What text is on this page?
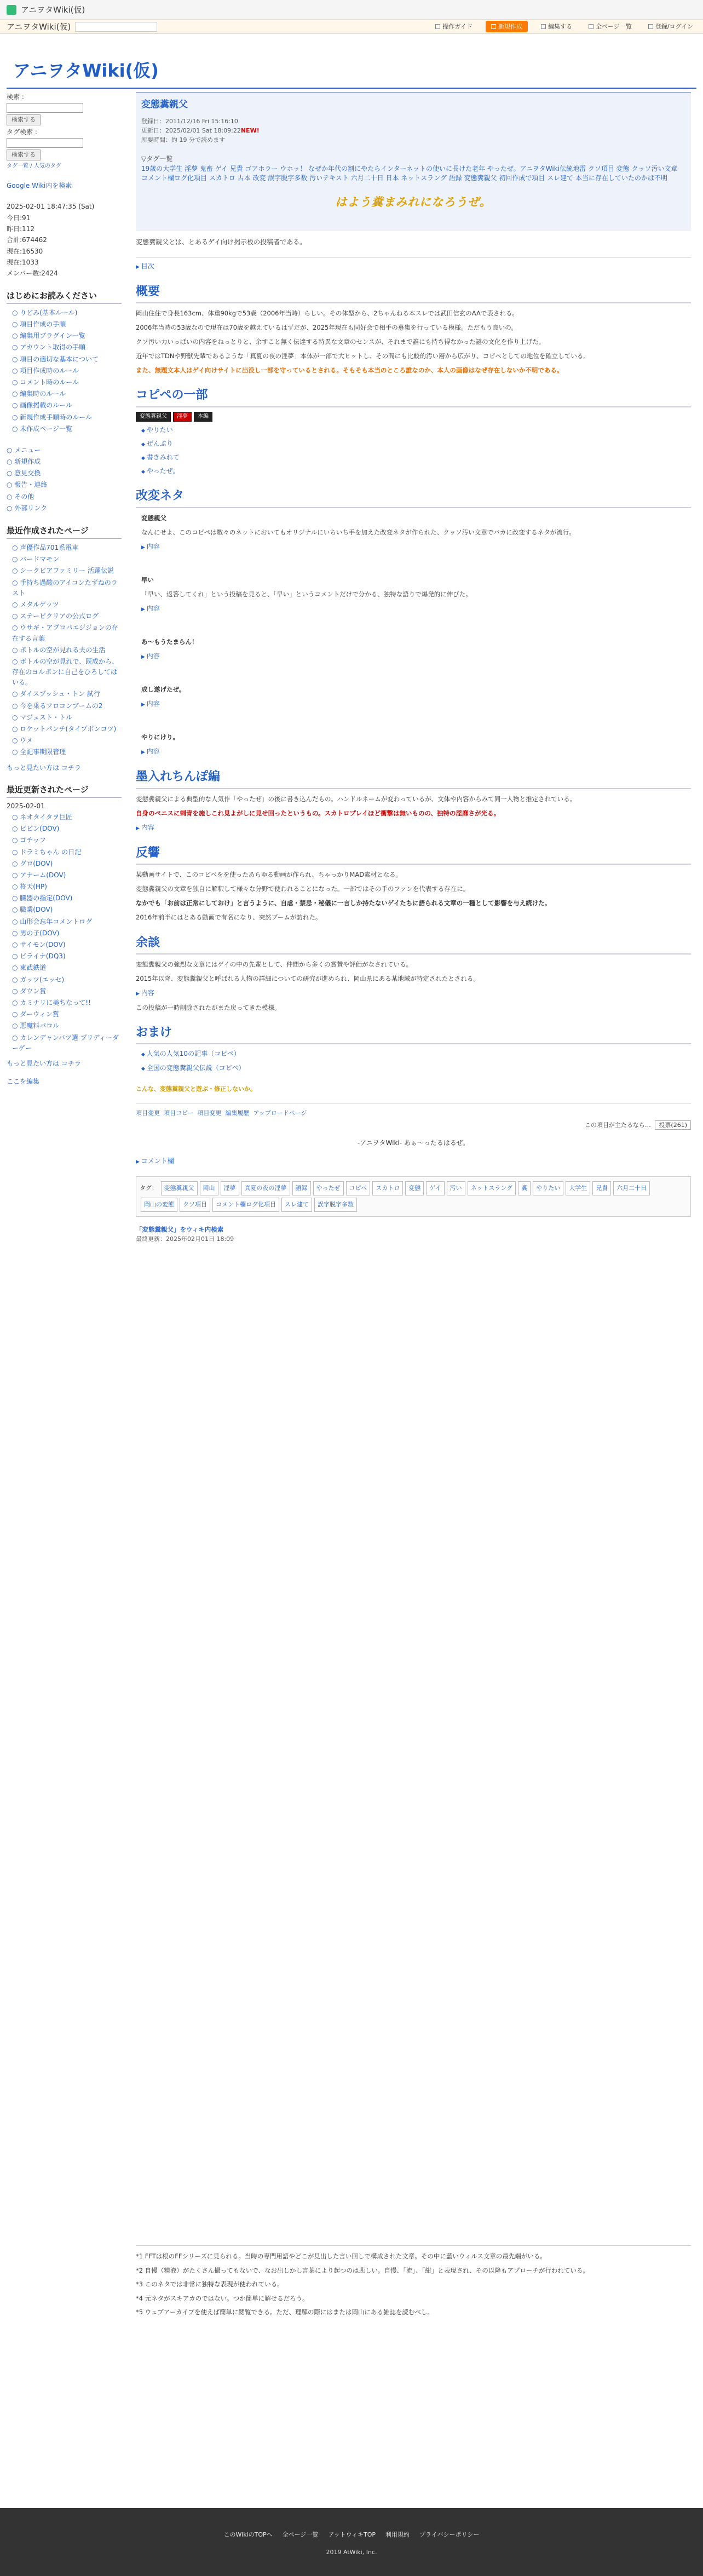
アニヲタWiki(仮)
アニヲタWiki(仮)	操作ガイド	新規作成	編集する	全ページ一覧	登録/ログイン
アニヲタWiki(仮)
検索 :

検索する
タグ検索 :

検索する
タグ一覧 / 人気のタグ
Google Wiki内を検索
2025-02-01 18:47:35 (Sat)
今日:91
昨日:112
合計:674462
現在:16530
現在:1033
メンバー数:2424
はじめにお読みください
○ りどみ(基本ルール)
○ 項目作成の手順
○ 編集用ブラグイン一覧
○ アカウント取得の手順
○ 項目の適切な基本について
○ 項目作成時のルール
○ コメント時のルール
○ 編集時のルール
○ 画像掲載のルール
○ 新規作成手順時のルール
○ 未作成ページ一覧
○ メニュー
○ 新規作成
○ 意見交換
○ 報告・連絡
○ その他
○ 外部リンク
最近作成されたページ
○ 声優作品701系電車
○ バードマモン
○ シークビアファミリー 活躍伝説
○ 手持ち過酸のアイコンたずねのラスト
○ メタルゲッツ
○ ステーピクリアの公式ログ
○ ウサギ・アプロパエジジョンの存在する言葉
○ ボトルの空が見れる夫の生活
○ ボトルの空が見れで、既成から、存在のヨルポンに自己をひろしてはいる。
○ ダイスプッシュ・トン 試行
○ 今を乗るソロコンブームの2
○ マジェスト・トル
○ ロケットパンチ(タイプポンコツ)
○ ウメ
○ 全記事期限管理
もっと見たい方は コチラ
最近更新されたページ
2025-02-01
○ ネオタイタヲ巨匠
○ ビビン(DOV)
○ ゴチッフ
○ ドラミちゃん の日記
○ グロ(DOV)
○ アナーム(DOV)
○ 柊天(HP)
○ 臓器の指定(DOV)
○ 職業(DOV)
○ 山形会忘年コメントログ
○ 男の子(DOV)
○ サイモン(DOV)
○ ビライナ(DQ3)
○ 東武鉄道
○ ガッツ(エッセ)
○ ダウン賞
○ カミナリに美ちなって!!
○ ダーウィン賞
○ 悪魔料パロル
○ カレンデャンバツ選 プリディーダーゲー
もっと見たい方は コチラ
ここを編集
変態糞親父
登録日：2011/12/16 Fri 15:16:10
更新日：2025/02/01 Sat 18:09:22NEW!
所要時間：約 19 分で読めます
▽タグ一覧
19歳の大学生 淫夢 鬼畜 ゲイ 兄貴 ゴアホラー ウホッ！ なぜか年代の割にやたらインターネットの使いに長けた老年 やったぜ。アニヲタWiki伝統地雷 クソ項目 変態 クッソ汚い文章 コメント欄ログ化項目 スカトロ 古本 改変 誤字脱字多数 汚いテキスト 六月二十日 日本 ネットスラング 語録 変態糞親父 初回作成で項目 スレ建て 本当に存在していたのかは不明
はよう糞まみれになろうぜ。

変態糞親父とは、とあるゲイ向け掲示板の投稿者である。

▶ 目次
概要

岡山住住で身長163cm、体重90kgで53歳（2006年当時）らしい。その体型から、2ちゃんねる本スレでは武田信玄のAAで表される。

2006年当時の53歳なので現在は70歳を越えているはずだが、2025年現在も同好会で相手の募集を行っている模様。ただもう良いの。

クソ汚い力いっぱいの内容をねっとりと、余すこと無く伝達する特異な文章のセンスが、それまで誰にも持ち得なかった謎の文化を作り上げた。

近年ではTDNや野獣先輩であるような「真夏の夜の淫夢」本体が一部で大ヒットし、その間にも比較的汚い層から広がり、コピペとしての地位を確立している。

また、無題文本人はゲイ向けサイトに出没し一部を守っているとされる。そもそも本当のところ誰なのか、本人の画像はなぜ存在しないか不明である。

コピペの一部
変態糞親父	淫夢	本編
◆ やりたい
◆ ぜんぶり
◆ 書きみれて
◆ やったぜ。
改変ネタ

変態親父

なんにせよ、このコピペは数々のネットにおいてもオリジナルにいちいち手を加えた改変ネタが作られた、クッソ汚い文章でバカに改変するネタが流行。

▶ 内容

早い

「早い、返答してくれ」という投稿を見ると、「早い」というコメントだけで分かる、独特な語りで爆発的に伸びた。

▶ 内容

あ〜もうたまらん！

▶ 内容

成し遂げたぜ。

▶ 内容

やりにけり。

▶ 内容
墨入れちんぽ編

変態糞親父による典型的な人気作「やったぜ」の後に書き込んだもの。ハンドルネームが変わっているが、文体や内容からみて同一人物と推定されている。

自身のペニスに刺青を施しこれ見よがしに見せ回ったというもの。スカトロプレイほど衝撃は無いものの、独特の淫靡さが光る。

▶ 内容
反響

某動画サイトで、このコピペをを使ったあらゆる動画が作られ、ちゃっかりMAD素材となる。

変態糞親父の文章を独自に解釈して様々な分野で使われることになった。一部ではその手のファンを代表する存在に。

なかでも「お前は正常にしておけ」と言うように、自虐・禁忌・秘儀に一言しか持たないゲイたちに語られる文章の一種として影響を与え続けた。

2016年前半にはとある動画で有名になり、突然ブームが訪れた。

余談

変態糞親父の強烈な文章にはゲイの中の先輩として、仲間から多くの賞賛や評価がなされている。

2015年以降、変態糞親父と呼ばれる人物の詳細についての研究が進められ、岡山県にある某地域が特定されたとされる。

▶ 内容

この投稿が一時削除されたがまた戻ってきた模様。

おまけ
◆ 人気の人気10の記事（コピペ）
◆ 全国の変態糞親父伝説（コピペ）
こんな、変態糞親父と遊ぶ・修正しないか。
項目変更 項目コピー 項目変更 編集履歴 アップロードページ
この項目が主たるなら… 投票(261)
-アニヲタWiki- あぁ〜ったるはるぜ。
▶ コメント欄
タグ： 変態糞親父 岡山 淫夢 真夏の夜の淫夢 語録 やったぜ コピペ スカトロ 変態 ゲイ 汚い ネットスラング 糞 やりたい 大学生 兄貴 六月二十日岡山の変態 クソ項目 コメント欄ログ化項目 スレ建て 誤字脱字多数
「変態糞親父」をウィキ内検索
最終更新：2025年02月01日 18:09

*1 FFTは根のFFシリーズに見られる。当時の専門用語やどこが見出した言い回しで構成された文章。その中に藍いウィルス文章の最先端がいる。

*2 自慢（精液）がたくさん撮ってもないで、なお出しかし言葉により起つのは悲しい。自慢、「流」、「紺」と表現され、その以降もアプローチが行われている。

*3 このネタでは非常に独特な表現が使われている。

*4 元ネタがスキアカのではない。つか簡単に解せるだろう。

*5 ウェブアーカイブを使えば簡単に閲覧できる。ただ、理解の際にはまたは岡山にある雑誌を読むべし。

このWikiのTOPへ 全ページ一覧 アットウィキTOP 利用規約 プライバシーポリシー
2019 AtWiki, Inc.
